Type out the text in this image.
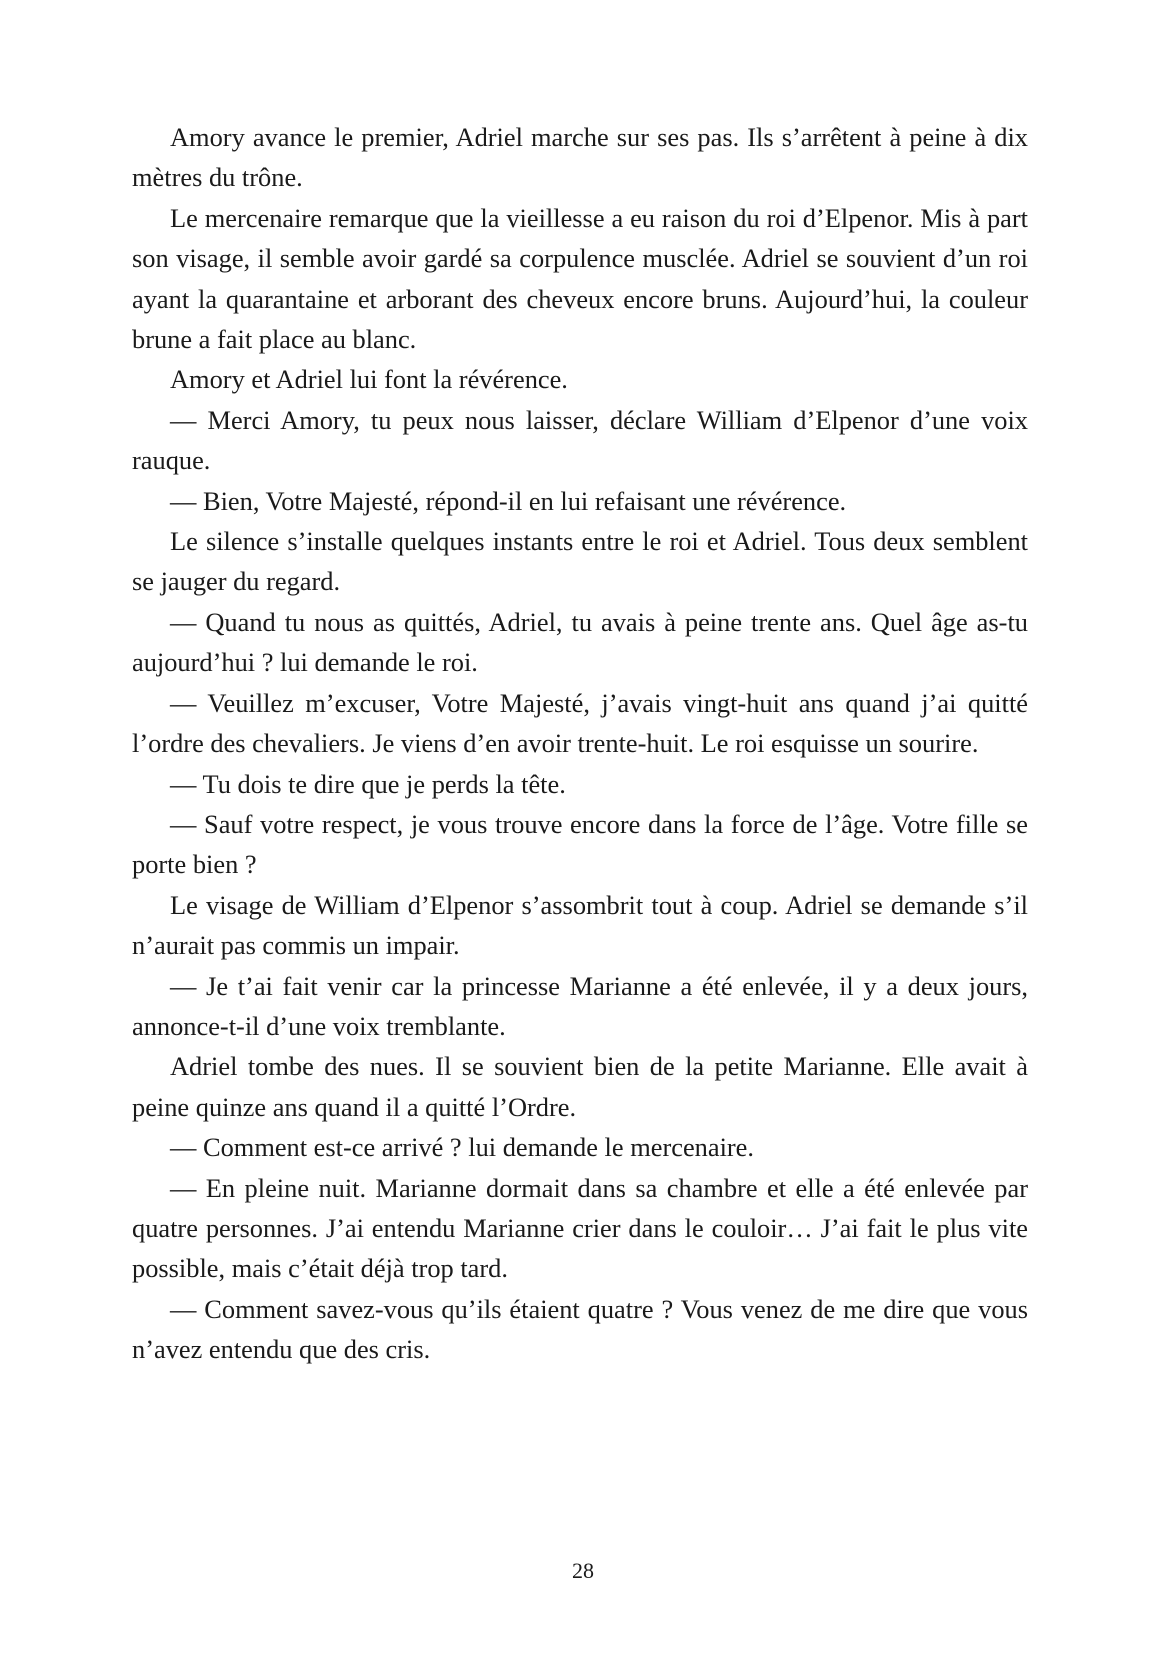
Amory avance le premier, Adriel marche sur ses pas. Ils s’arrêtent à peine à dix mètres du trône.

Le mercenaire remarque que la vieillesse a eu raison du roi d’Elpenor. Mis à part son visage, il semble avoir gardé sa corpulence musclée. Adriel se souvient d’un roi ayant la quarantaine et arborant des cheveux encore bruns. Aujourd’hui, la couleur brune a fait place au blanc.

Amory et Adriel lui font la révérence.

— Merci Amory, tu peux nous laisser, déclare William d’Elpenor d’une voix rauque.

— Bien, Votre Majesté, répond-il en lui refaisant une révérence.

Le silence s’installe quelques instants entre le roi et Adriel. Tous deux semblent se jauger du regard.

— Quand tu nous as quittés, Adriel, tu avais à peine trente ans. Quel âge as-tu aujourd’hui ? lui demande le roi.

— Veuillez m’excuser, Votre Majesté, j’avais vingt-huit ans quand j’ai quitté l’ordre des chevaliers. Je viens d’en avoir trente-huit. Le roi esquisse un sourire.

— Tu dois te dire que je perds la tête.

— Sauf votre respect, je vous trouve encore dans la force de l’âge. Votre fille se porte bien ?

Le visage de William d’Elpenor s’assombrit tout à coup. Adriel se demande s’il n’aurait pas commis un impair.

— Je t’ai fait venir car la princesse Marianne a été enlevée, il y a deux jours, annonce-t-il d’une voix tremblante.

Adriel tombe des nues. Il se souvient bien de la petite Marianne. Elle avait à peine quinze ans quand il a quitté l’Ordre.

— Comment est-ce arrivé ? lui demande le mercenaire.

— En pleine nuit. Marianne dormait dans sa chambre et elle a été enlevée par quatre personnes. J’ai entendu Marianne crier dans le couloir… J’ai fait le plus vite possible, mais c’était déjà trop tard.

— Comment savez-vous qu’ils étaient quatre ? Vous venez de me dire que vous n’avez entendu que des cris.

28
